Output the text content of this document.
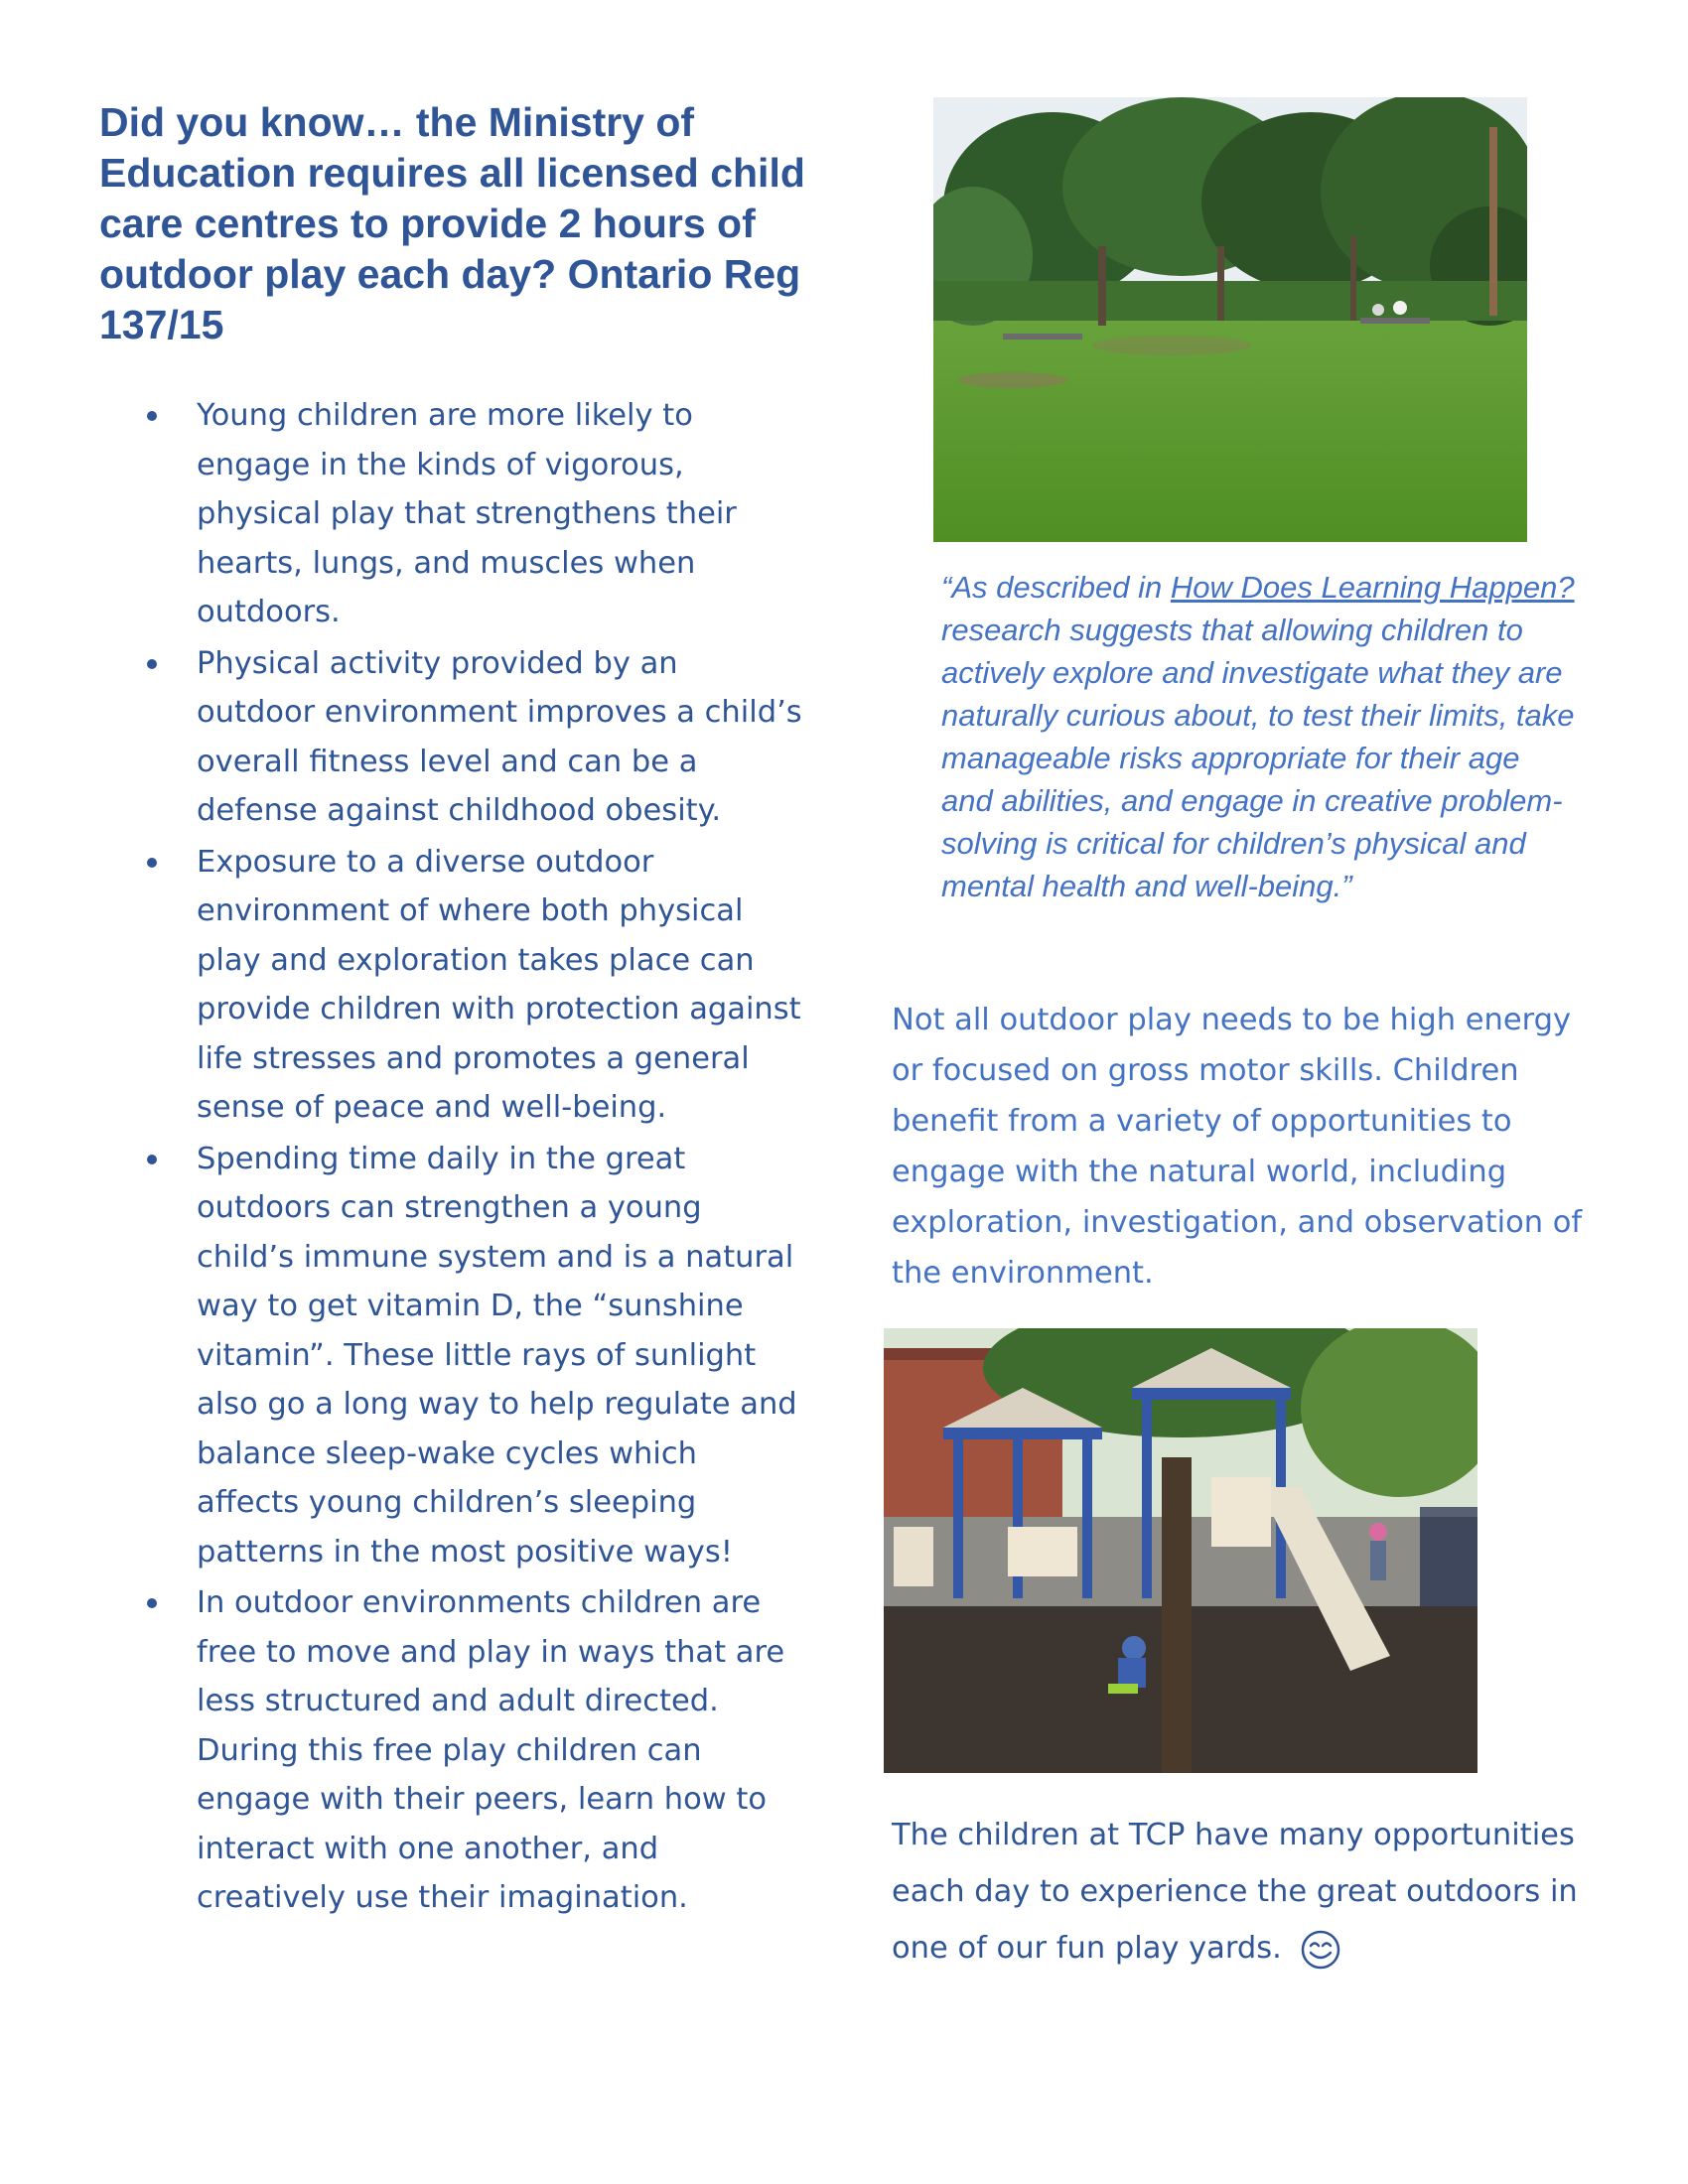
Did you know… the Ministry of Education requires all licensed child care centres to provide 2 hours of outdoor play each day? Ontario Reg 137/15
Young children are more likely to engage in the kinds of vigorous, physical play that strengthens their hearts, lungs, and muscles when outdoors.
Physical activity provided by an outdoor environment improves a child’s overall fitness level and can be a defense against childhood obesity.
Exposure to a diverse outdoor environment of where both physical play and exploration takes place can provide children with protection against life stresses and promotes a general sense of peace and well-being.
Spending time daily in the great outdoors can strengthen a young child’s immune system and is a natural way to get vitamin D, the “sunshine vitamin”. These little rays of sunlight also go a long way to help regulate and balance sleep-wake cycles which affects young children’s sleeping patterns in the most positive ways!
In outdoor environments children are free to move and play in ways that are less structured and adult directed. During this free play children can engage with their peers, learn how to interact with one another, and creatively use their imagination.

“As described in How Does Learning Happen? research suggests that allowing children to actively explore and investigate what they are naturally curious about, to test their limits, take manageable risks appropriate for their age and abilities, and engage in creative problem-solving is critical for children’s physical and mental health and well-being.”

Not all outdoor play needs to be high energy or focused on gross motor skills. Children benefit from a variety of opportunities to engage with the natural world, including exploration, investigation, and observation of the environment.

The children at TCP have many opportunities each day to experience the great outdoors in one of our fun play yards.
